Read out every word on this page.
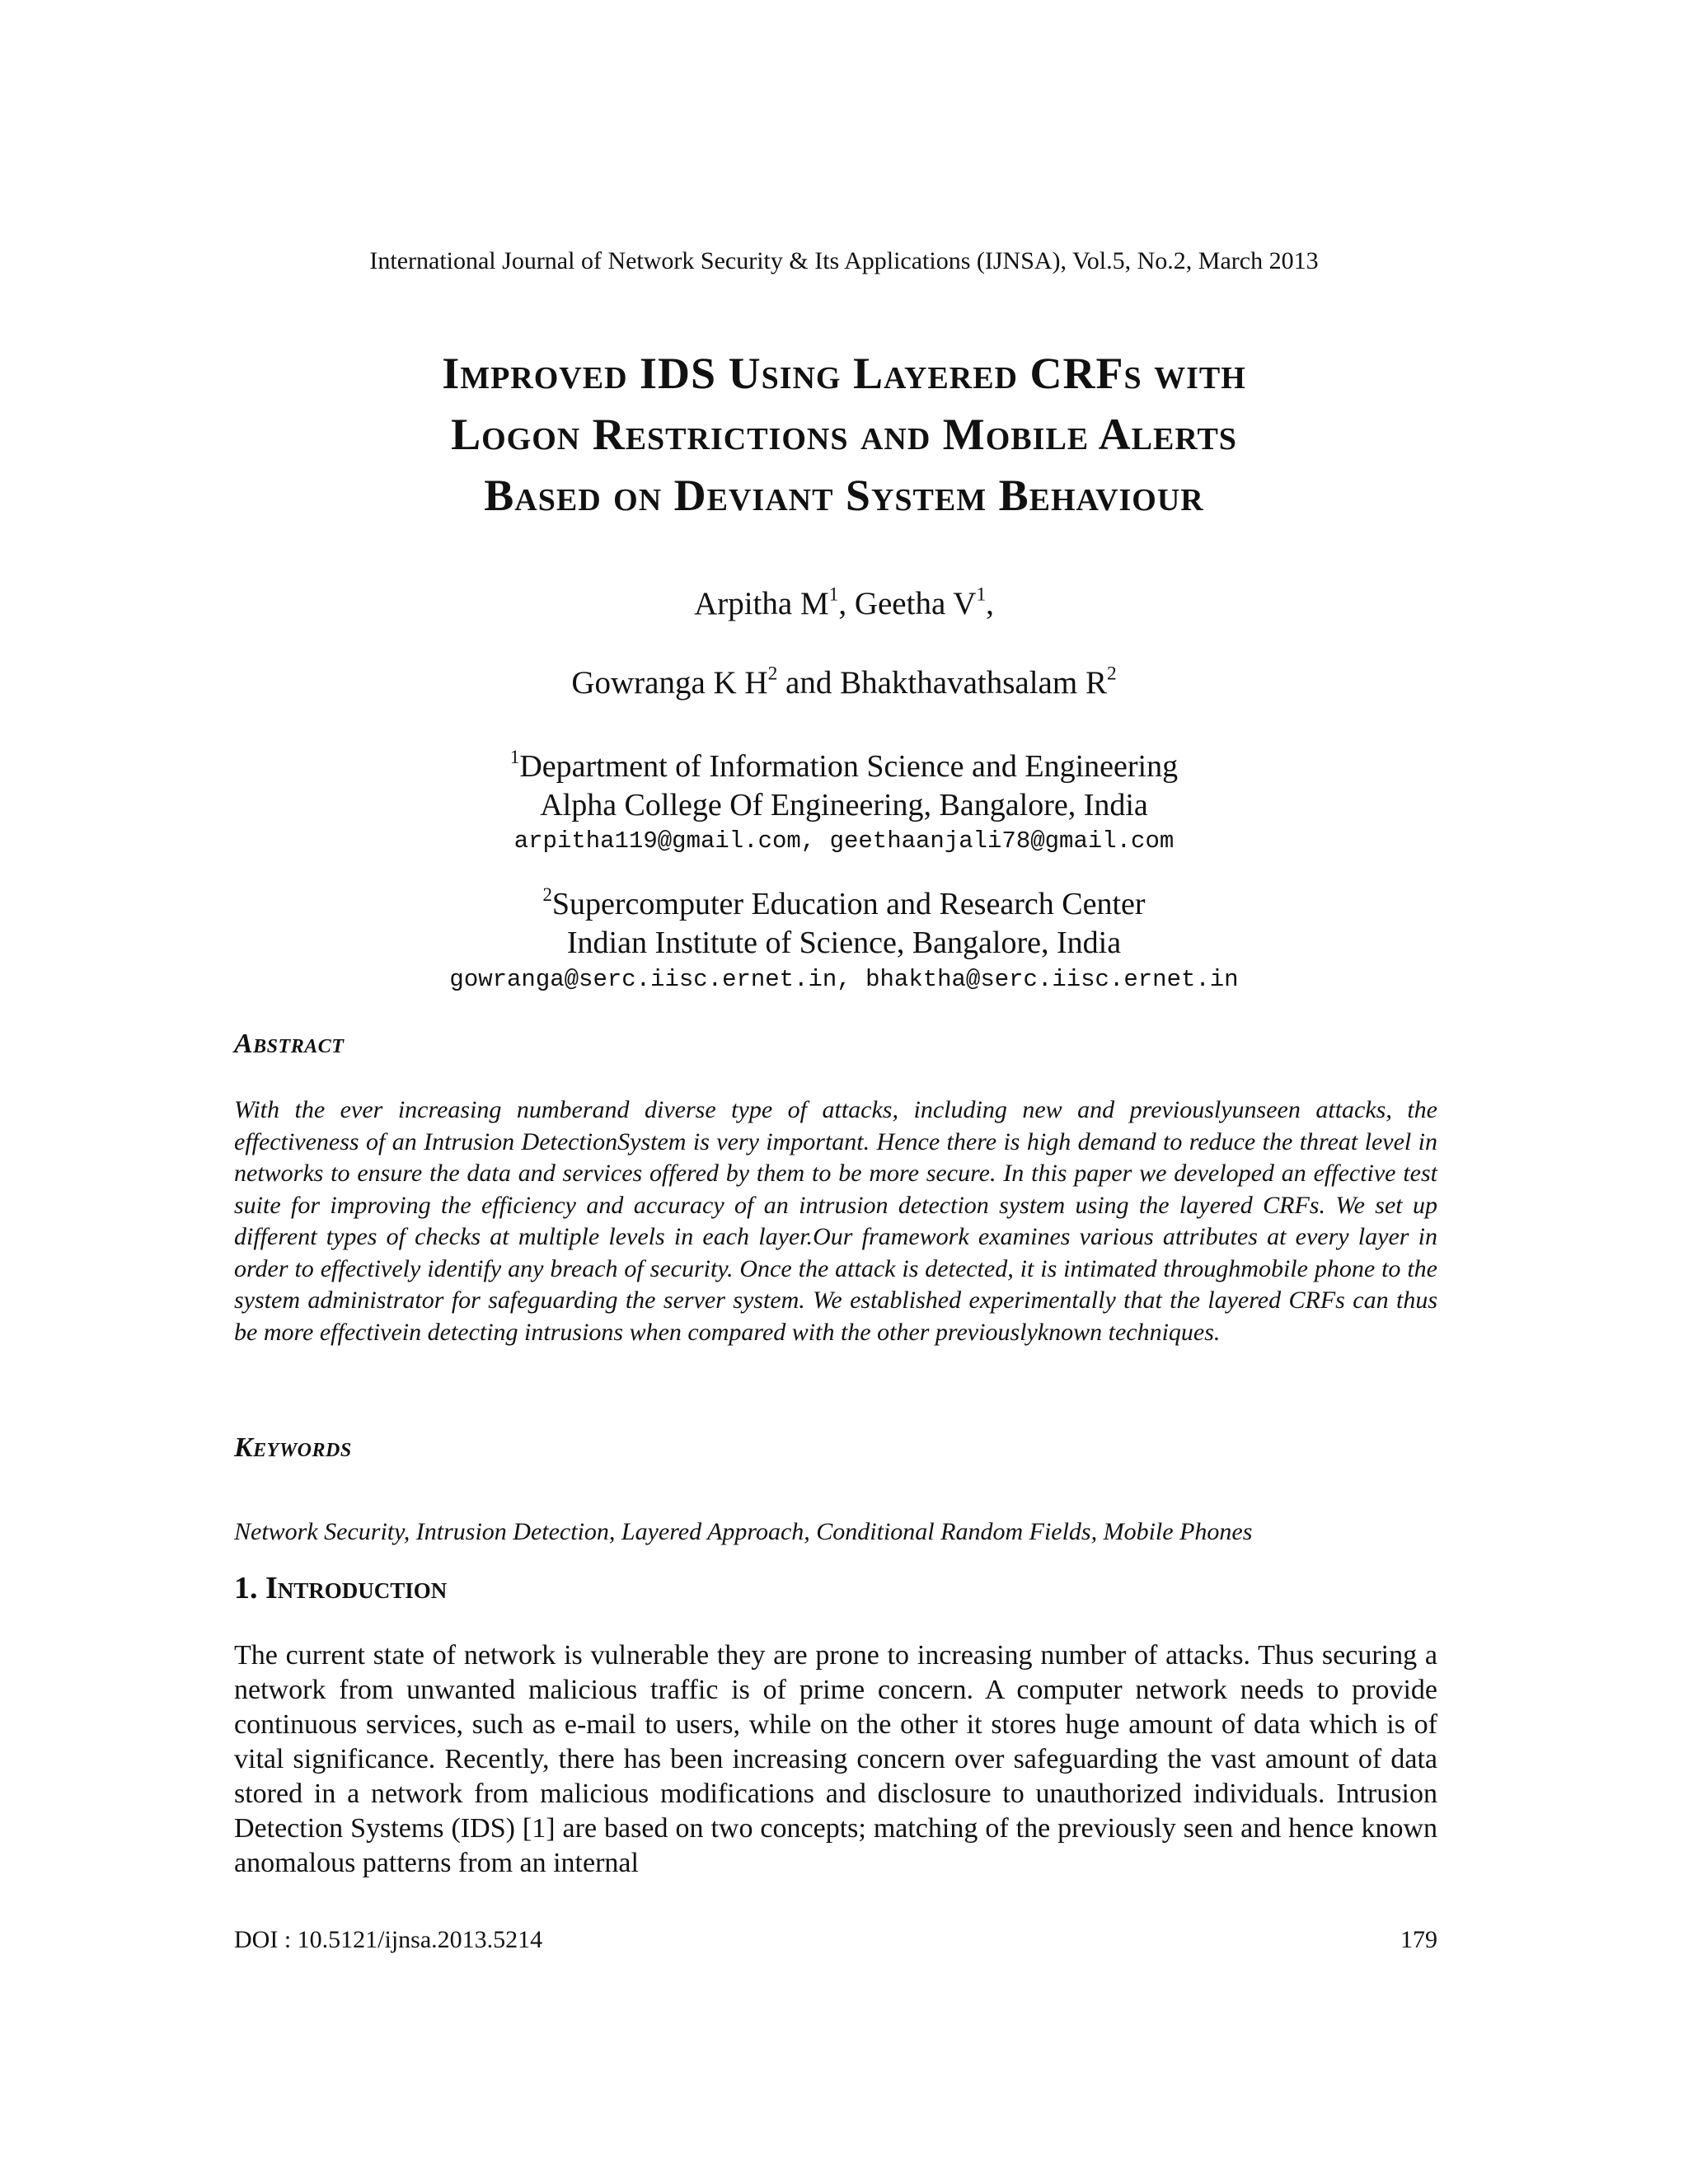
International Journal of Network Security & Its Applications (IJNSA), Vol.5, No.2, March 2013
Improved IDS Using Layered CRFs with
Logon Restrictions and Mobile Alerts
Based on Deviant System Behaviour
Arpitha $M^1$, Geetha $V^1$,
Gowranga K $H^2$ and Bhakthavathsalam $R^2$
$^1$Department of Information Science and Engineering
Alpha College Of Engineering, Bangalore, India
arpitha119@gmail.com, geethaanjali78@gmail.com
$^2$Supercomputer Education and Research Center
Indian Institute of Science, Bangalore, India
gowranga@serc.iisc.ernet.in, bhaktha@serc.iisc.ernet.in
Abstract
With the ever increasing numberand diverse type of attacks, including new and previouslyunseen attacks, the effectiveness of an Intrusion DetectionSystem is very important. Hence there is high demand to reduce the threat level in networks to ensure the data and services offered by them to be more secure. In this paper we developed an effective test suite for improving the efficiency and accuracy of an intrusion detection system using the layered CRFs. We set up different types of checks at multiple levels in each layer.Our framework examines various attributes at every layer in order to effectively identify any breach of security. Once the attack is detected, it is intimated throughmobile phone to the system administrator for safeguarding the server system. We established experimentally that the layered CRFs can thus be more effectivein detecting intrusions when compared with the other previouslyknown techniques.
Keywords
Network Security, Intrusion Detection, Layered Approach, Conditional Random Fields, Mobile Phones
1. Introduction
The current state of network is vulnerable they are prone to increasing number of attacks. Thus securing a network from unwanted malicious traffic is of prime concern. A computer network needs to provide continuous services, such as e-mail to users, while on the other it stores huge amount of data which is of vital significance. Recently, there has been increasing concern over safeguarding the vast amount of data stored in a network from malicious modifications and disclosure to unauthorized individuals. Intrusion Detection Systems (IDS) [1] are based on two concepts; matching of the previously seen and hence known anomalous patterns from an internal
DOI : 10.5121/ijnsa.2013.5214	179
